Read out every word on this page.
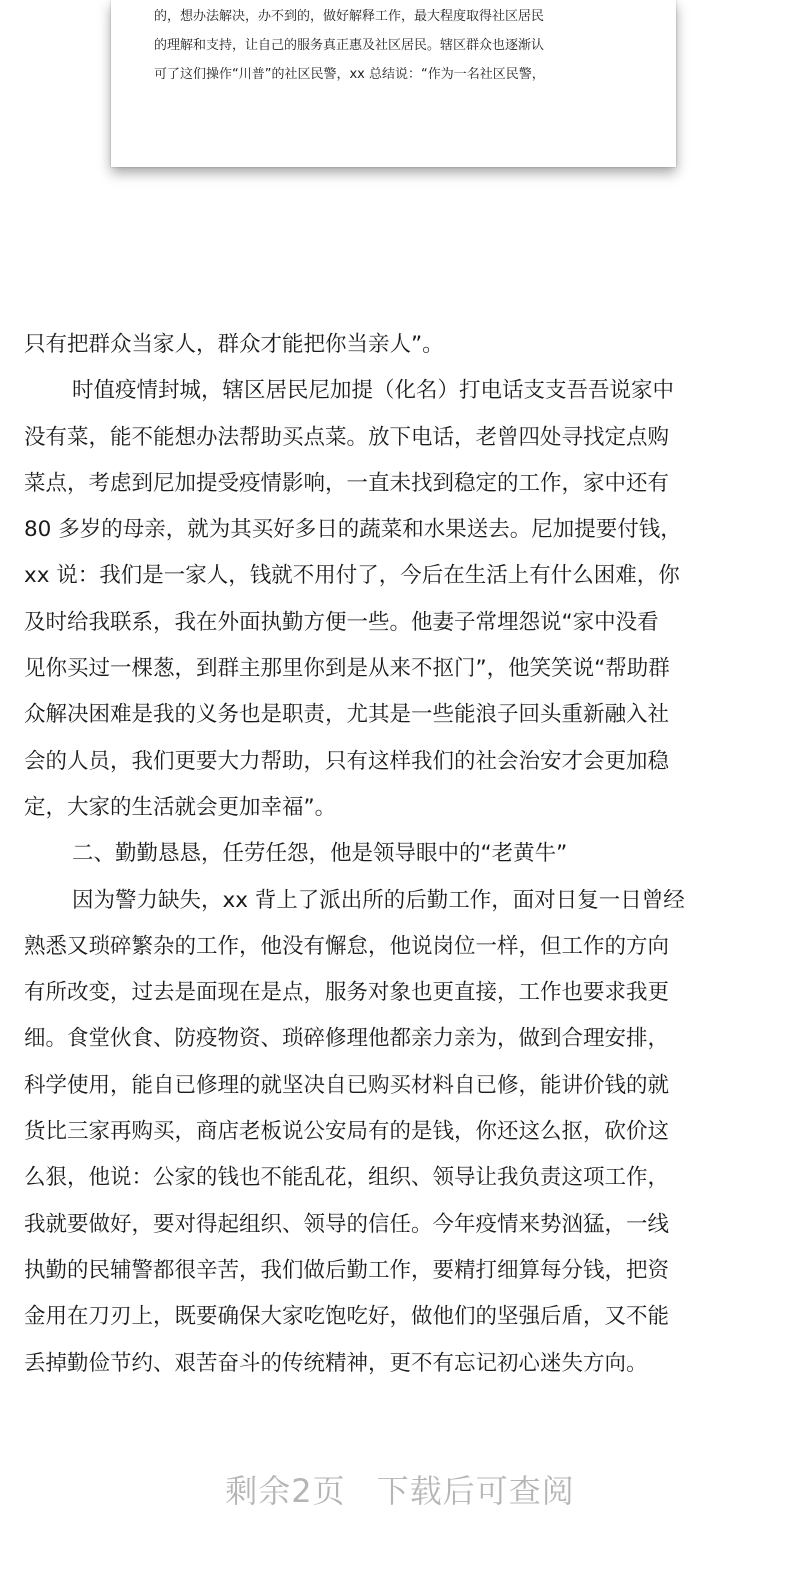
的，想办法解决，办不到的，做好解释工作，最大程度取得社区居民
的理解和支持，让自己的服务真正惠及社区居民。辖区群众也逐渐认
可了这们操作“川普”的社区民警，xx 总结说：“作为一名社区民警，
只有把群众当家人，群众才能把你当亲人”。
时值疫情封城，辖区居民尼加提（化名）打电话支支吾吾说家中
没有菜，能不能想办法帮助买点菜。放下电话，老曾四处寻找定点购
菜点，考虑到尼加提受疫情影响，一直未找到稳定的工作，家中还有
80 多岁的母亲，就为其买好多日的蔬菜和水果送去。尼加提要付钱，
xx 说：我们是一家人，钱就不用付了，今后在生活上有什么困难，你
及时给我联系，我在外面执勤方便一些。他妻子常埋怨说“家中没看
见你买过一棵葱，到群主那里你到是从来不抠门”，他笑笑说“帮助群
众解决困难是我的义务也是职责，尤其是一些能浪子回头重新融入社
会的人员，我们更要大力帮助，只有这样我们的社会治安才会更加稳
定，大家的生活就会更加幸福”。
二、勤勤恳恳，任劳任怨，他是领导眼中的“老黄牛”
因为警力缺失，xx 背上了派出所的后勤工作，面对日复一日曾经
熟悉又琐碎繁杂的工作，他没有懈怠，他说岗位一样，但工作的方向
有所改变，过去是面现在是点，服务对象也更直接，工作也要求我更
细。食堂伙食、防疫物资、琐碎修理他都亲力亲为，做到合理安排，
科学使用，能自已修理的就坚决自已购买材料自已修，能讲价钱的就
货比三家再购买，商店老板说公安局有的是钱，你还这么抠，砍价这
么狠，他说：公家的钱也不能乱花，组织、领导让我负责这项工作，
我就要做好，要对得起组织、领导的信任。今年疫情来势汹猛，一线
执勤的民辅警都很辛苦，我们做后勤工作，要精打细算每分钱，把资
金用在刀刃上，既要确保大家吃饱吃好，做他们的坚强后盾，又不能
丢掉勤俭节约、艰苦奋斗的传统精神，更不有忘记初心迷失方向。
剩余2页 下载后可查阅
